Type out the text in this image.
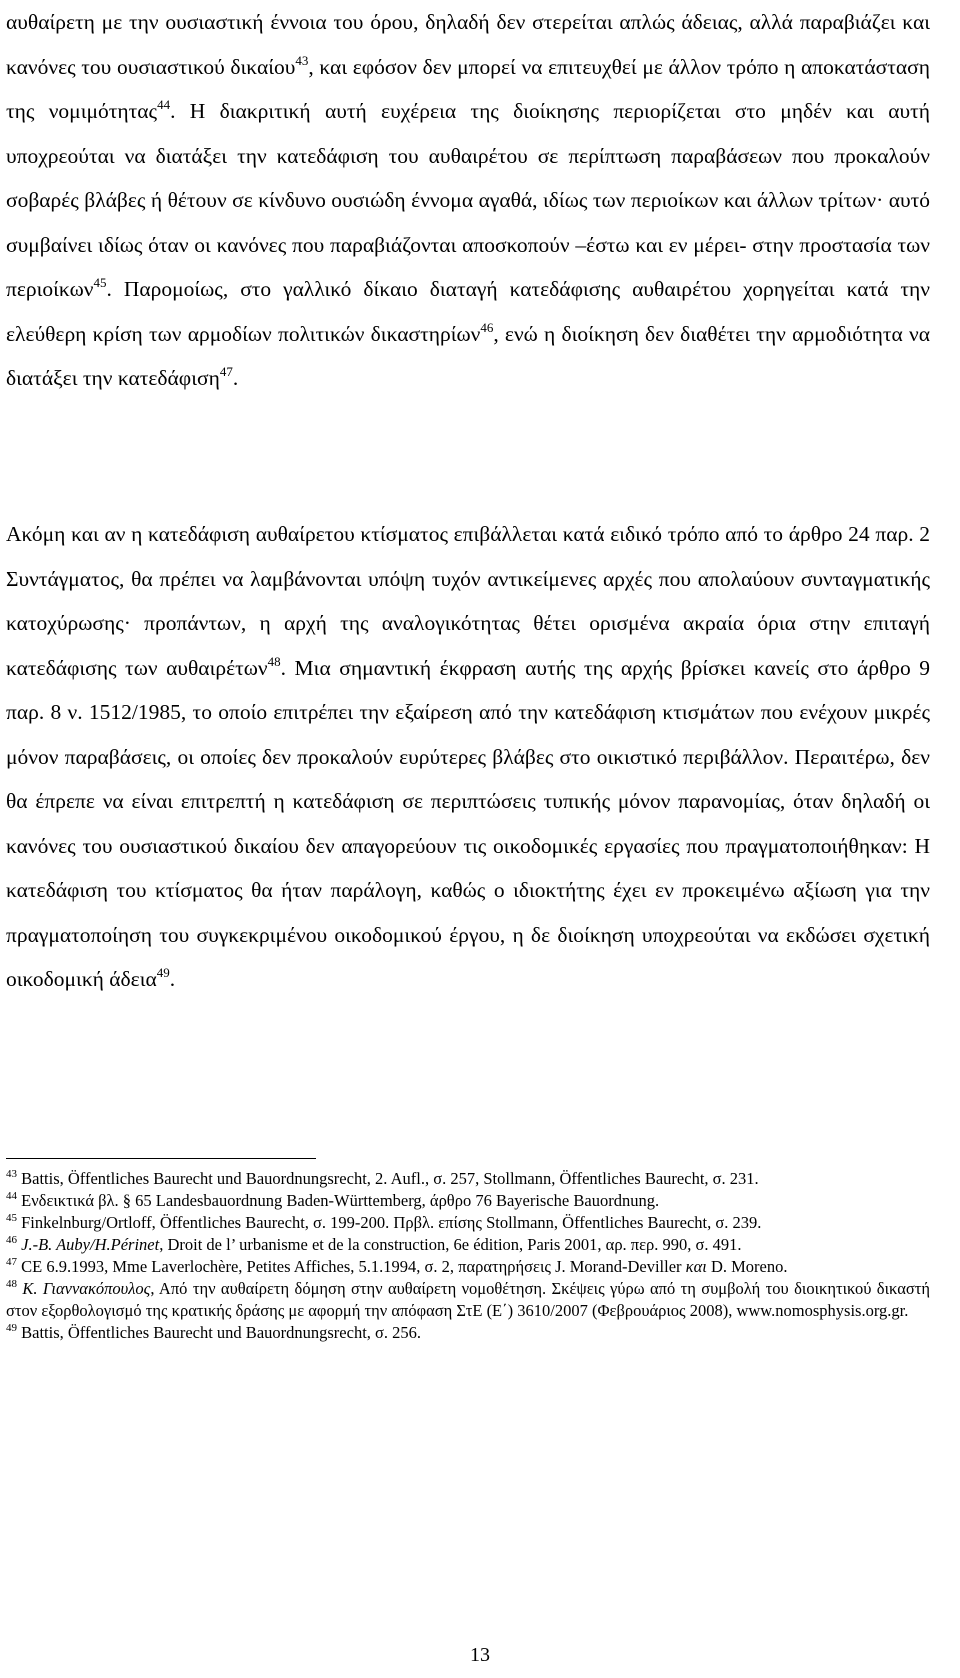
αυθαίρετη με την ουσιαστική έννοια του όρου, δηλαδή δεν στερείται απλώς άδειας, αλλά παραβιάζει και κανόνες του ουσιαστικού δικαίου$^{43}$, και εφόσον δεν μπορεί να επιτευχθεί με άλλον τρόπο η αποκατάσταση της νομιμότητας$^{44}$. Η διακριτική αυτή ευχέρεια της διοίκησης περιορίζεται στο μηδέν και αυτή υποχρεούται να διατάξει την κατεδάφιση του αυθαιρέτου σε περίπτωση παραβάσεων που προκαλούν σοβαρές βλάβες ή θέτουν σε κίνδυνο ουσιώδη έννομα αγαθά, ιδίως των περιοίκων και άλλων τρίτων· αυτό συμβαίνει ιδίως όταν οι κανόνες που παραβιάζονται αποσκοπούν –έστω και εν μέρει- στην προστασία των περιοίκων$^{45}$. Παρομοίως, στο γαλλικό δίκαιο διαταγή κατεδάφισης αυθαιρέτου χορηγείται κατά την ελεύθερη κρίση των αρμοδίων πολιτικών δικαστηρίων$^{46}$, ενώ η διοίκηση δεν διαθέτει την αρμοδιότητα να διατάξει την κατεδάφιση$^{47}$.

Ακόμη και αν η κατεδάφιση αυθαίρετου κτίσματος επιβάλλεται κατά ειδικό τρόπο από το άρθρο 24 παρ. 2 Συντάγματος, θα πρέπει να λαμβάνονται υπόψη τυχόν αντικείμενες αρχές που απολαύουν συνταγματικής κατοχύρωσης· προπάντων, η αρχή της αναλογικότητας θέτει ορισμένα ακραία όρια στην επιταγή κατεδάφισης των αυθαιρέτων$^{48}$. Μια σημαντική έκφραση αυτής της αρχής βρίσκει κανείς στο άρθρο 9 παρ. 8 ν. 1512/1985, το οποίο επιτρέπει την εξαίρεση από την κατεδάφιση κτισμάτων που ενέχουν μικρές μόνον παραβάσεις, οι οποίες δεν προκαλούν ευρύτερες βλάβες στο οικιστικό περιβάλλον. Περαιτέρω, δεν θα έπρεπε να είναι επιτρεπτή η κατεδάφιση σε περιπτώσεις τυπικής μόνον παρανομίας, όταν δηλαδή οι κανόνες του ουσιαστικού δικαίου δεν απαγορεύουν τις οικοδομικές εργασίες που πραγματοποιήθηκαν: Η κατεδάφιση του κτίσματος θα ήταν παράλογη, καθώς ο ιδιοκτήτης έχει εν προκειμένω αξίωση για την πραγματοποίηση του συγκεκριμένου οικοδομικού έργου, η δε διοίκηση υποχρεούται να εκδώσει σχετική οικοδομική άδεια$^{49}$.

$^{43}$ Battis, Öffentliches Baurecht und Bauordnungsrecht, 2. Aufl., σ. 257, Stollmann, Öffentliches Baurecht, σ. 231.

$^{44}$ Ενδεικτικά βλ. § 65 Landesbauordnung Baden-Württemberg, άρθρο 76 Bayerische Bauordnung.

$^{45}$ Finkelnburg/Ortloff, Öffentliches Baurecht, σ. 199-200. Πρβλ. επίσης Stollmann, Öffentliches Baurecht, σ. 239.

$^{46}$ J.-B. Auby/H.Périnet, Droit de l’ urbanisme et de la construction, 6e édition, Paris 2001, αρ. περ. 990, σ. 491.

$^{47}$ CE 6.9.1993, Mme Laverlochère, Petites Affiches, 5.1.1994, σ. 2, παρατηρήσεις J. Morand-Deviller και D. Moreno.

$^{48}$ Κ. Γιαννακόπουλος, Από την αυθαίρετη δόμηση στην αυθαίρετη νομοθέτηση. Σκέψεις γύρω από τη συμβολή του διοικητικού δικαστή στον εξορθολογισμό της κρατικής δράσης με αφορμή την απόφαση ΣτΕ (Ε΄) 3610/2007 (Φεβρουάριος 2008), www.nomosphysis.org.gr.

$^{49}$ Battis, Öffentliches Baurecht und Bauordnungsrecht, σ. 256.

13
